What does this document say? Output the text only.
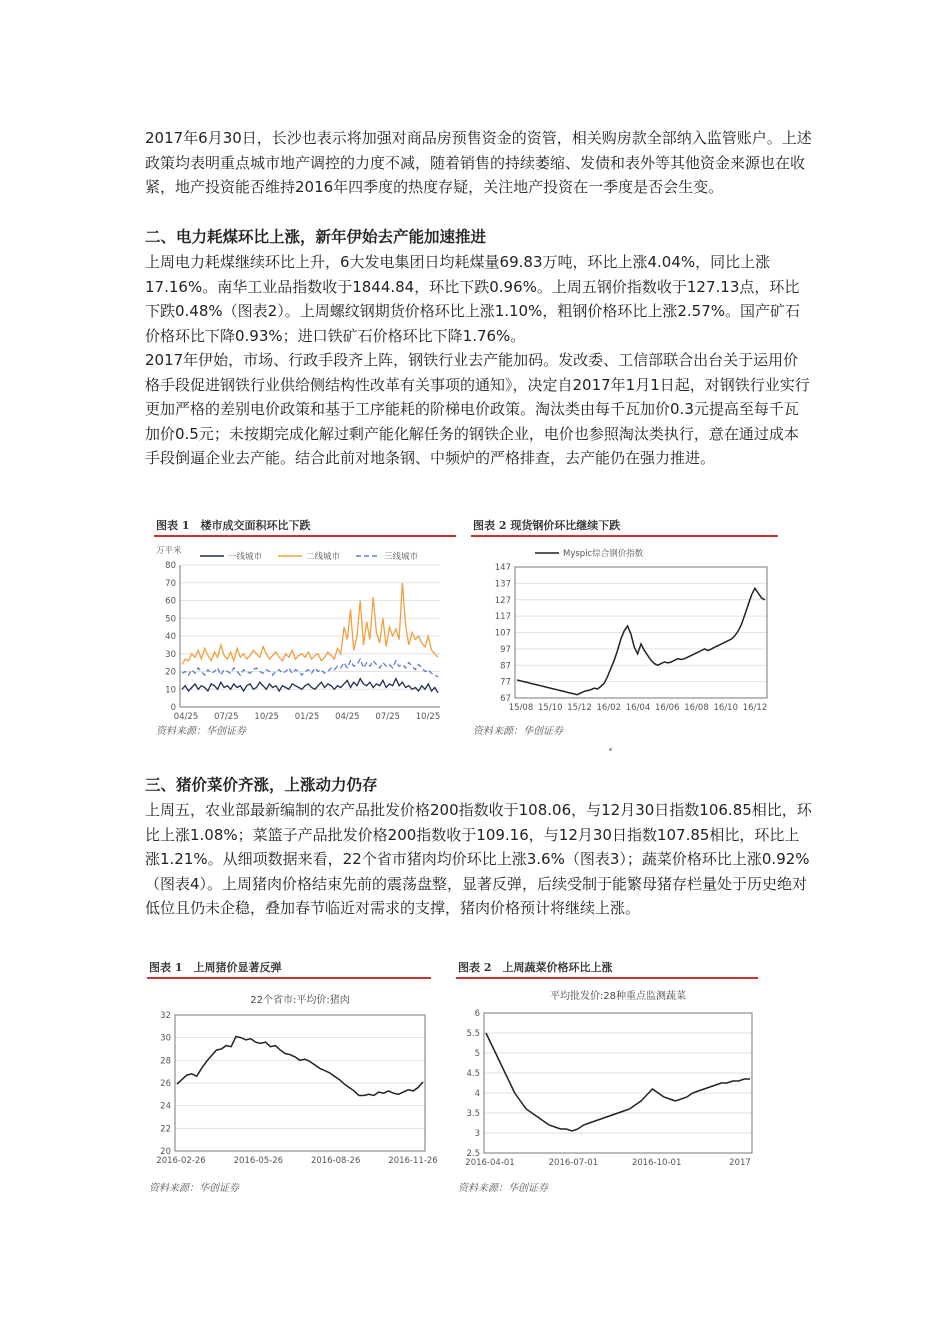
2017年6月30日，长沙也表示将加强对商品房预售资金的资管，相关购房款全部纳入监管账户。上述政策均表明重点城市地产调控的力度不减，随着销售的持续萎缩、发债和表外等其他资金来源也在收紧，地产投资能否维持2016年四季度的热度存疑，关注地产投资在一季度是否会生变。

二、电力耗煤环比上涨，新年伊始去产能加速推进

上周电力耗煤继续环比上升，6大发电集团日均耗煤量69.83万吨，环比上涨4.04%，同比上涨17.16%。南华工业品指数收于1844.84，环比下跌0.96%。上周五钢价指数收于127.13点，环比下跌0.48%（图表2）。上周螺纹钢期货价格环比上涨1.10%，粗钢价格环比上涨2.57%。国产矿石价格环比下降0.93%；进口铁矿石价格环比下降1.76%。

2017年伊始，市场、行政手段齐上阵，钢铁行业去产能加码。发改委、工信部联合出台关于运用价格手段促进钢铁行业供给侧结构性改革有关事项的通知》，决定自2017年1月1日起，对钢铁行业实行更加严格的差别电价政策和基于工序能耗的阶梯电价政策。淘汰类由每千瓦加价0.3元提高至每千瓦加价0.5元；未按期完成化解过剩产能化解任务的钢铁企业，电价也参照淘汰类执行，意在通过成本手段倒逼企业去产能。结合此前对地条钢、中频炉的严格排查，去产能仍在强力推进。

图表 1　楼市成交面积环比下跌
80
70
60
50
40
30
20
10
0
04/25 07/25 10/25 01/25 04/25 07/25 10/25
万平米
一线城市	二线城市	三线城市
资料来源：华创证券
图表 2 现货钢价环比继续下跌
147
137
127
117
107
97
87
77
67
15/08 15/10 15/12 16/02 16/04 16/06 16/08 16/10 16/12
Myspic综合钢价指数
资料来源：华创证券

三、猪价菜价齐涨，上涨动力仍存

上周五，农业部最新编制的农产品批发价格200指数收于108.06，与12月30日指数106.85相比，环比上涨1.08%；菜篮子产品批发价格200指数收于109.16，与12月30日指数107.85相比，环比上涨1.21%。从细项数据来看，22个省市猪肉均价环比上涨3.6%（图表3）；蔬菜价格环比上涨0.92%（图表4）。上周猪肉价格结束先前的震荡盘整，显著反弹，后续受制于能繁母猪存栏量处于历史绝对低位且仍未企稳，叠加春节临近对需求的支撑，猪肉价格预计将继续上涨。

图表 1　上周猪价显著反弹
32
30
28
26
24
22
20
2016-02-26	2016-05-26	2016-08-26	2016-11-26
22个省市:平均价:猪肉
资料来源：华创证券
图表 2　上周蔬菜价格环比上涨
6
5.5
5
4.5
4
3.5
3
2.5
2016-04-01	2016-07-01	2016-10-01	2017
平均批发价:28种重点监测蔬菜
资料来源：华创证券
